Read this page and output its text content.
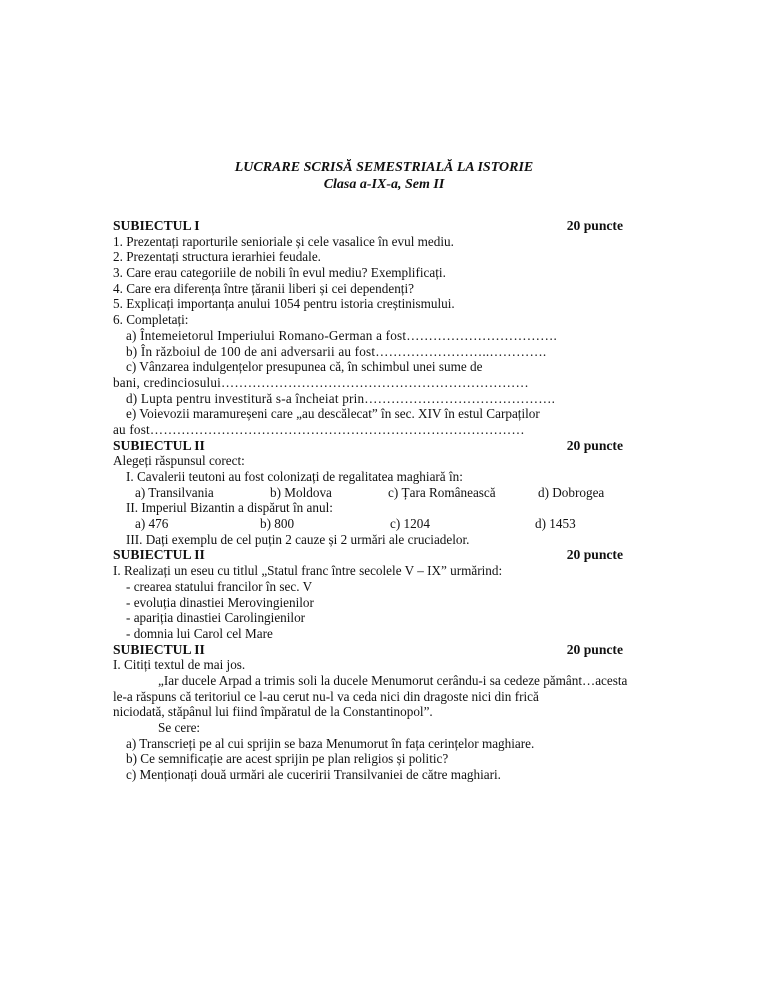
LUCRARE SCRISĂ SEMESTRIALĂ LA ISTORIE
Clasa a-IX-a, Sem II
SUBIECTUL I	20 puncte
1. Prezentați raporturile senioriale și cele vasalice în evul mediu.
2. Prezentați structura ierarhiei feudale.
3. Care erau categoriile de nobili în evul mediu? Exemplificați.
4. Care era diferența între țăranii liberi și cei dependenți?
5. Explicați importanța anului 1054 pentru istoria creștinismului.
6. Completați:
a) Întemeietorul Imperiului Romano-German a fost…………………………….
b) În războiul de 100 de ani adversarii au fost……………………..………….
c) Vânzarea indulgențelor presupunea că, în schimbul unei sume de
bani, credinciosului……………………………………………………………
d) Lupta pentru investitură s-a încheiat prin…………………………………….
e) Voievozii maramureșeni care „au descălecat” în sec. XIV în estul Carpaților
au fost…………………………………………………………………………
SUBIECTUL II	20 puncte
Alegeți răspunsul corect:
I. Cavalerii teutoni au fost colonizați de regalitatea maghiară în:
a) Transilvania	b) Moldova	c) Țara Românească	d) Dobrogea
II. Imperiul Bizantin a dispărut în anul:
a) 476	b) 800	c) 1204	d) 1453
III. Dați exemplu de cel puțin 2 cauze și 2 urmări ale cruciadelor.
SUBIECTUL II	20 puncte
I. Realizați un eseu cu titlul „Statul franc între secolele V – IX” urmărind:
- crearea statului francilor în sec. V
- evoluția dinastiei Merovingienilor
- apariția dinastiei Carolingienilor
- domnia lui Carol cel Mare
SUBIECTUL II	20 puncte
I. Citiți textul de mai jos.
„Iar ducele Arpad a trimis soli la ducele Menumorut cerându-i sa cedeze pământ…acesta
le-a răspuns că teritoriul ce l-au cerut nu-l va ceda nici din dragoste nici din frică
niciodată, stăpânul lui fiind împăratul de la Constantinopol”.
Se cere:
a) Transcrieți pe al cui sprijin se baza Menumorut în fața cerințelor maghiare.
b) Ce semnificație are acest sprijin pe plan religios și politic?
c) Menționați două urmări ale cuceririi Transilvaniei de către maghiari.
